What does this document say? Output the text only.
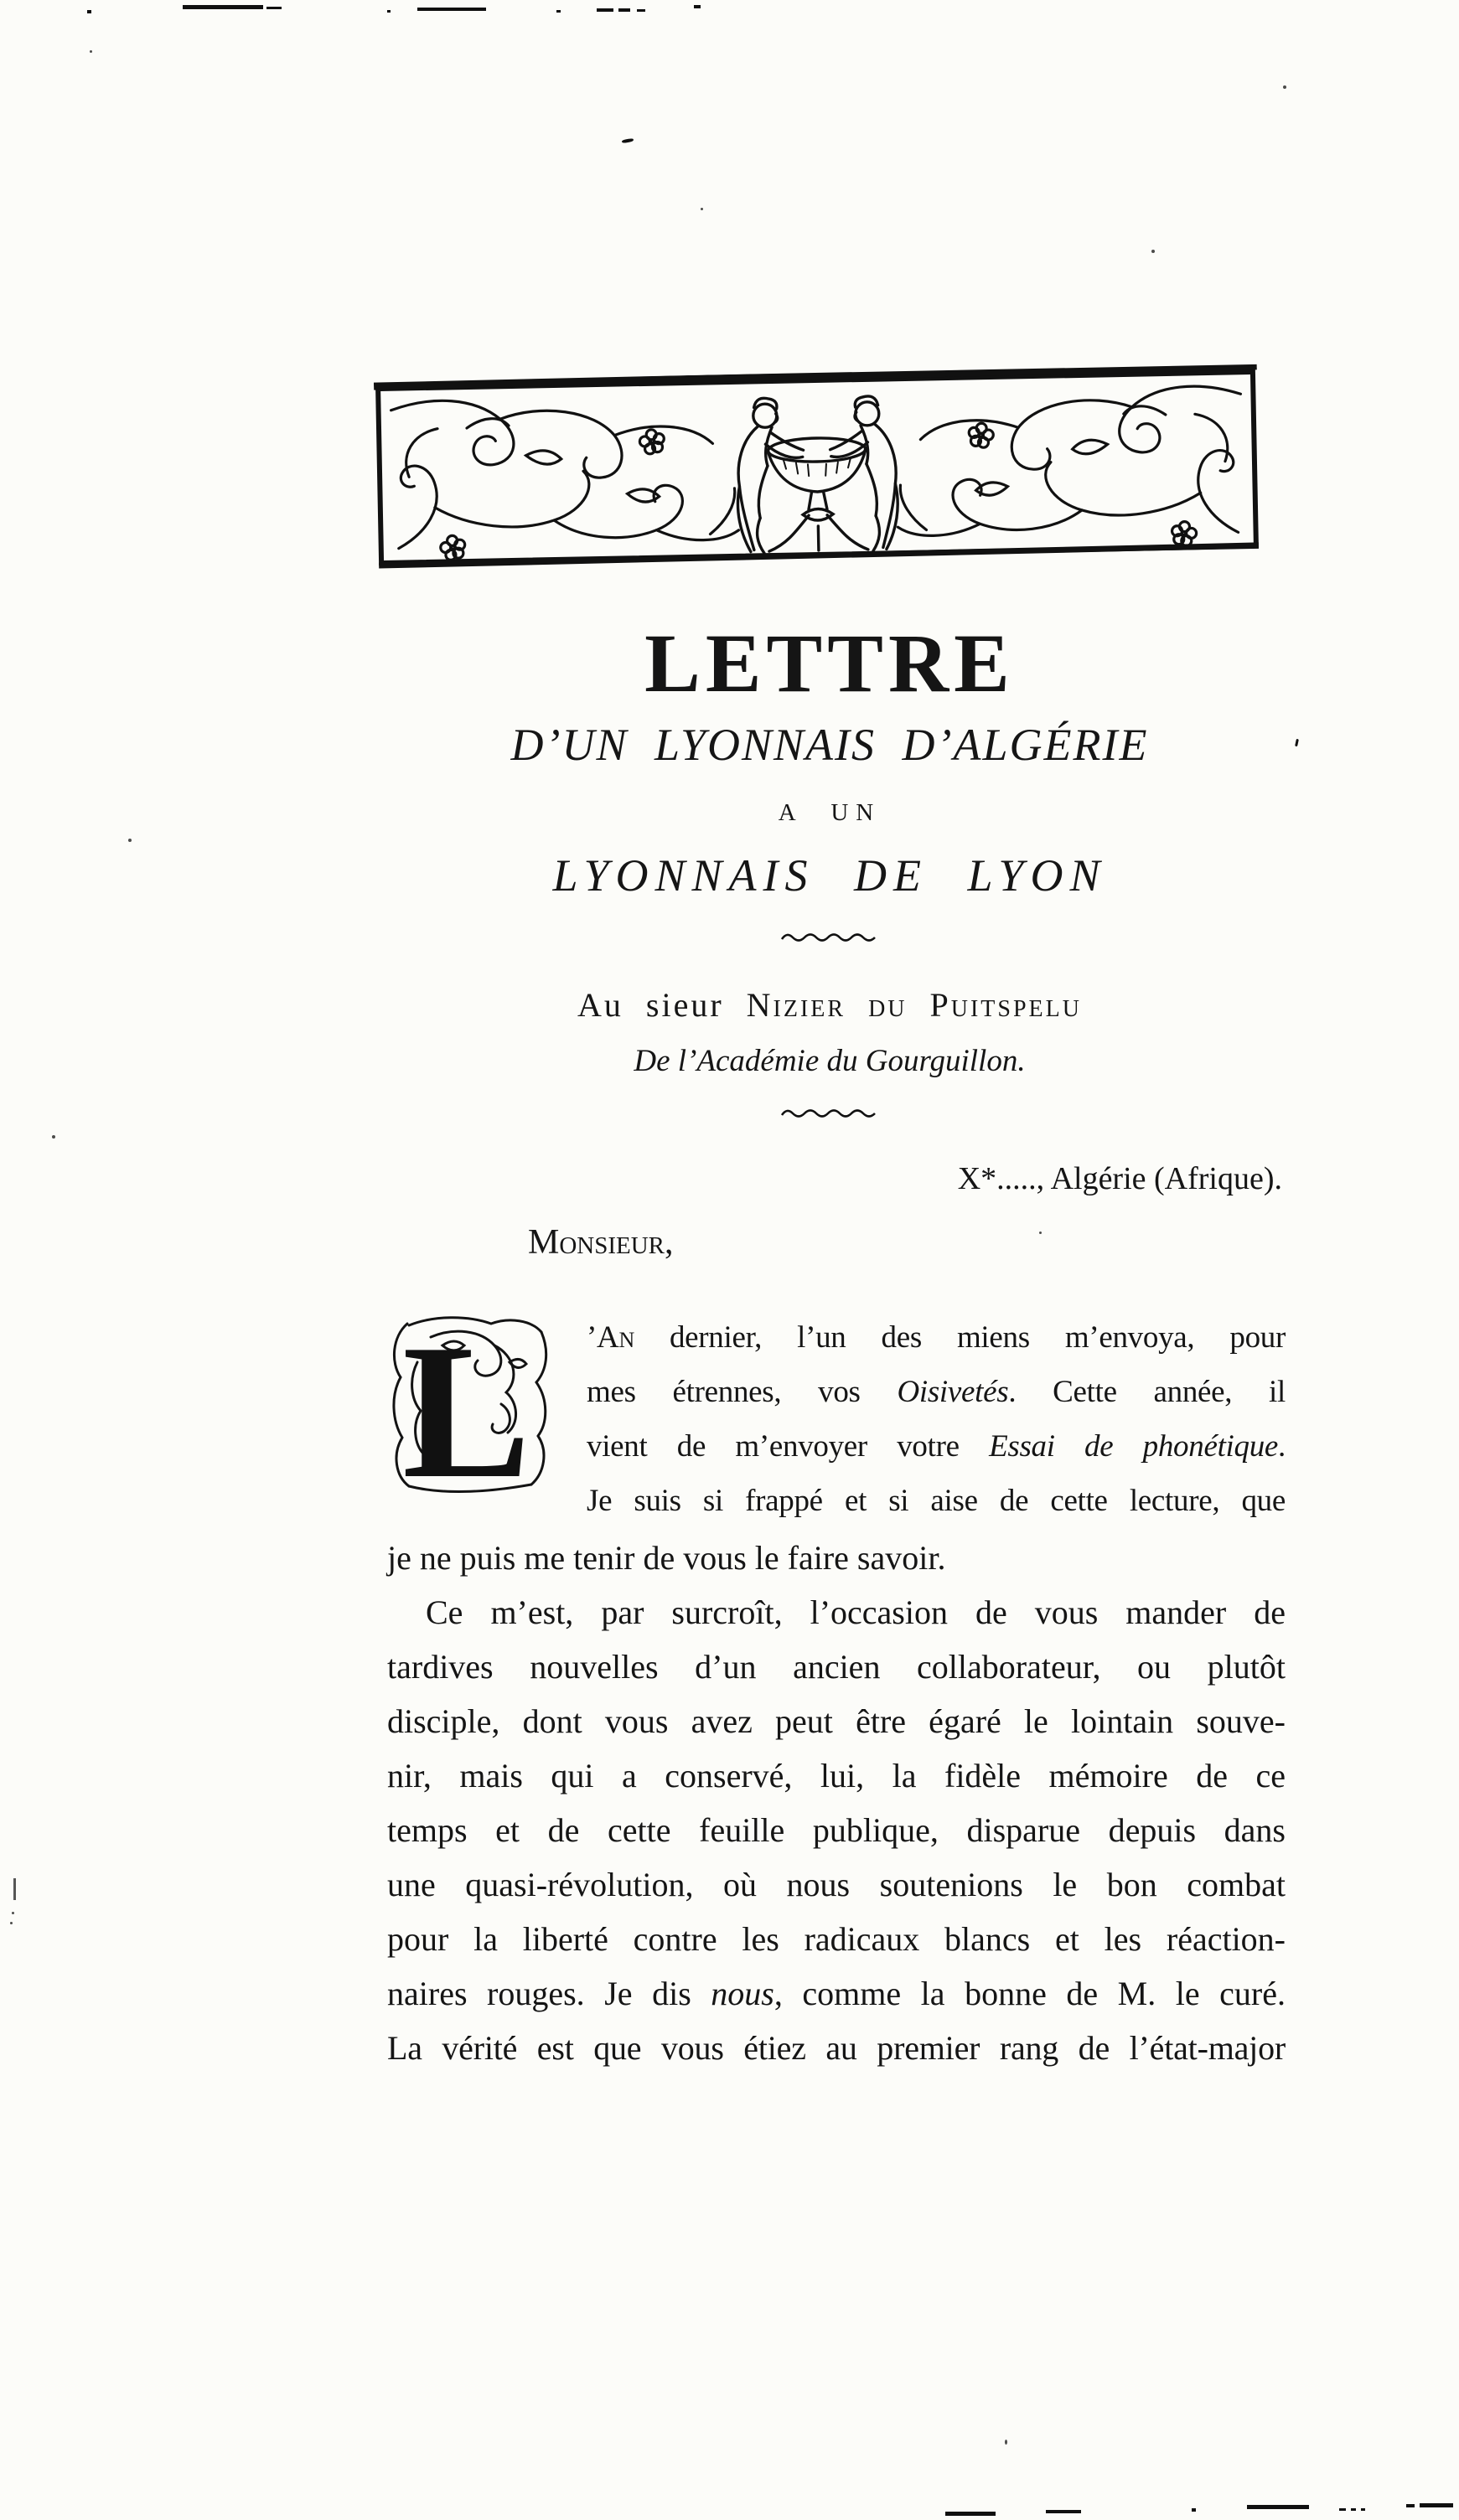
LETTRE
D’UN LYONNAIS D’ALGÉRIE
A UN
LYONNAIS DE LYON
Au sieur Nizier du Puitspelu
De l’Académie du Gourguillon.
X*....., Algérie (Afrique).
Monsieur,
L ’An dernier, l’un des miens m’envoya, pour
mes étrennes, vos Oisivetés. Cette année, il
vient de m’envoyer votre Essai de phonétique.
Je suis si frappé et si aise de cette lecture, que
je ne puis me tenir de vous le faire savoir.
Ce m’est, par surcroît, l’occasion de vous mander de
tardives nouvelles d’un ancien collaborateur, ou plutôt
disciple, dont vous avez peut être égaré le lointain souve-
nir, mais qui a conservé, lui, la fidèle mémoire de ce
temps et de cette feuille publique, disparue depuis dans
une quasi-révolution, où nous soutenions le bon combat
pour la liberté contre les radicaux blancs et les réaction-
naires rouges. Je dis nous, comme la bonne de M. le curé.
La vérité est que vous étiez au premier rang de l’état-major
